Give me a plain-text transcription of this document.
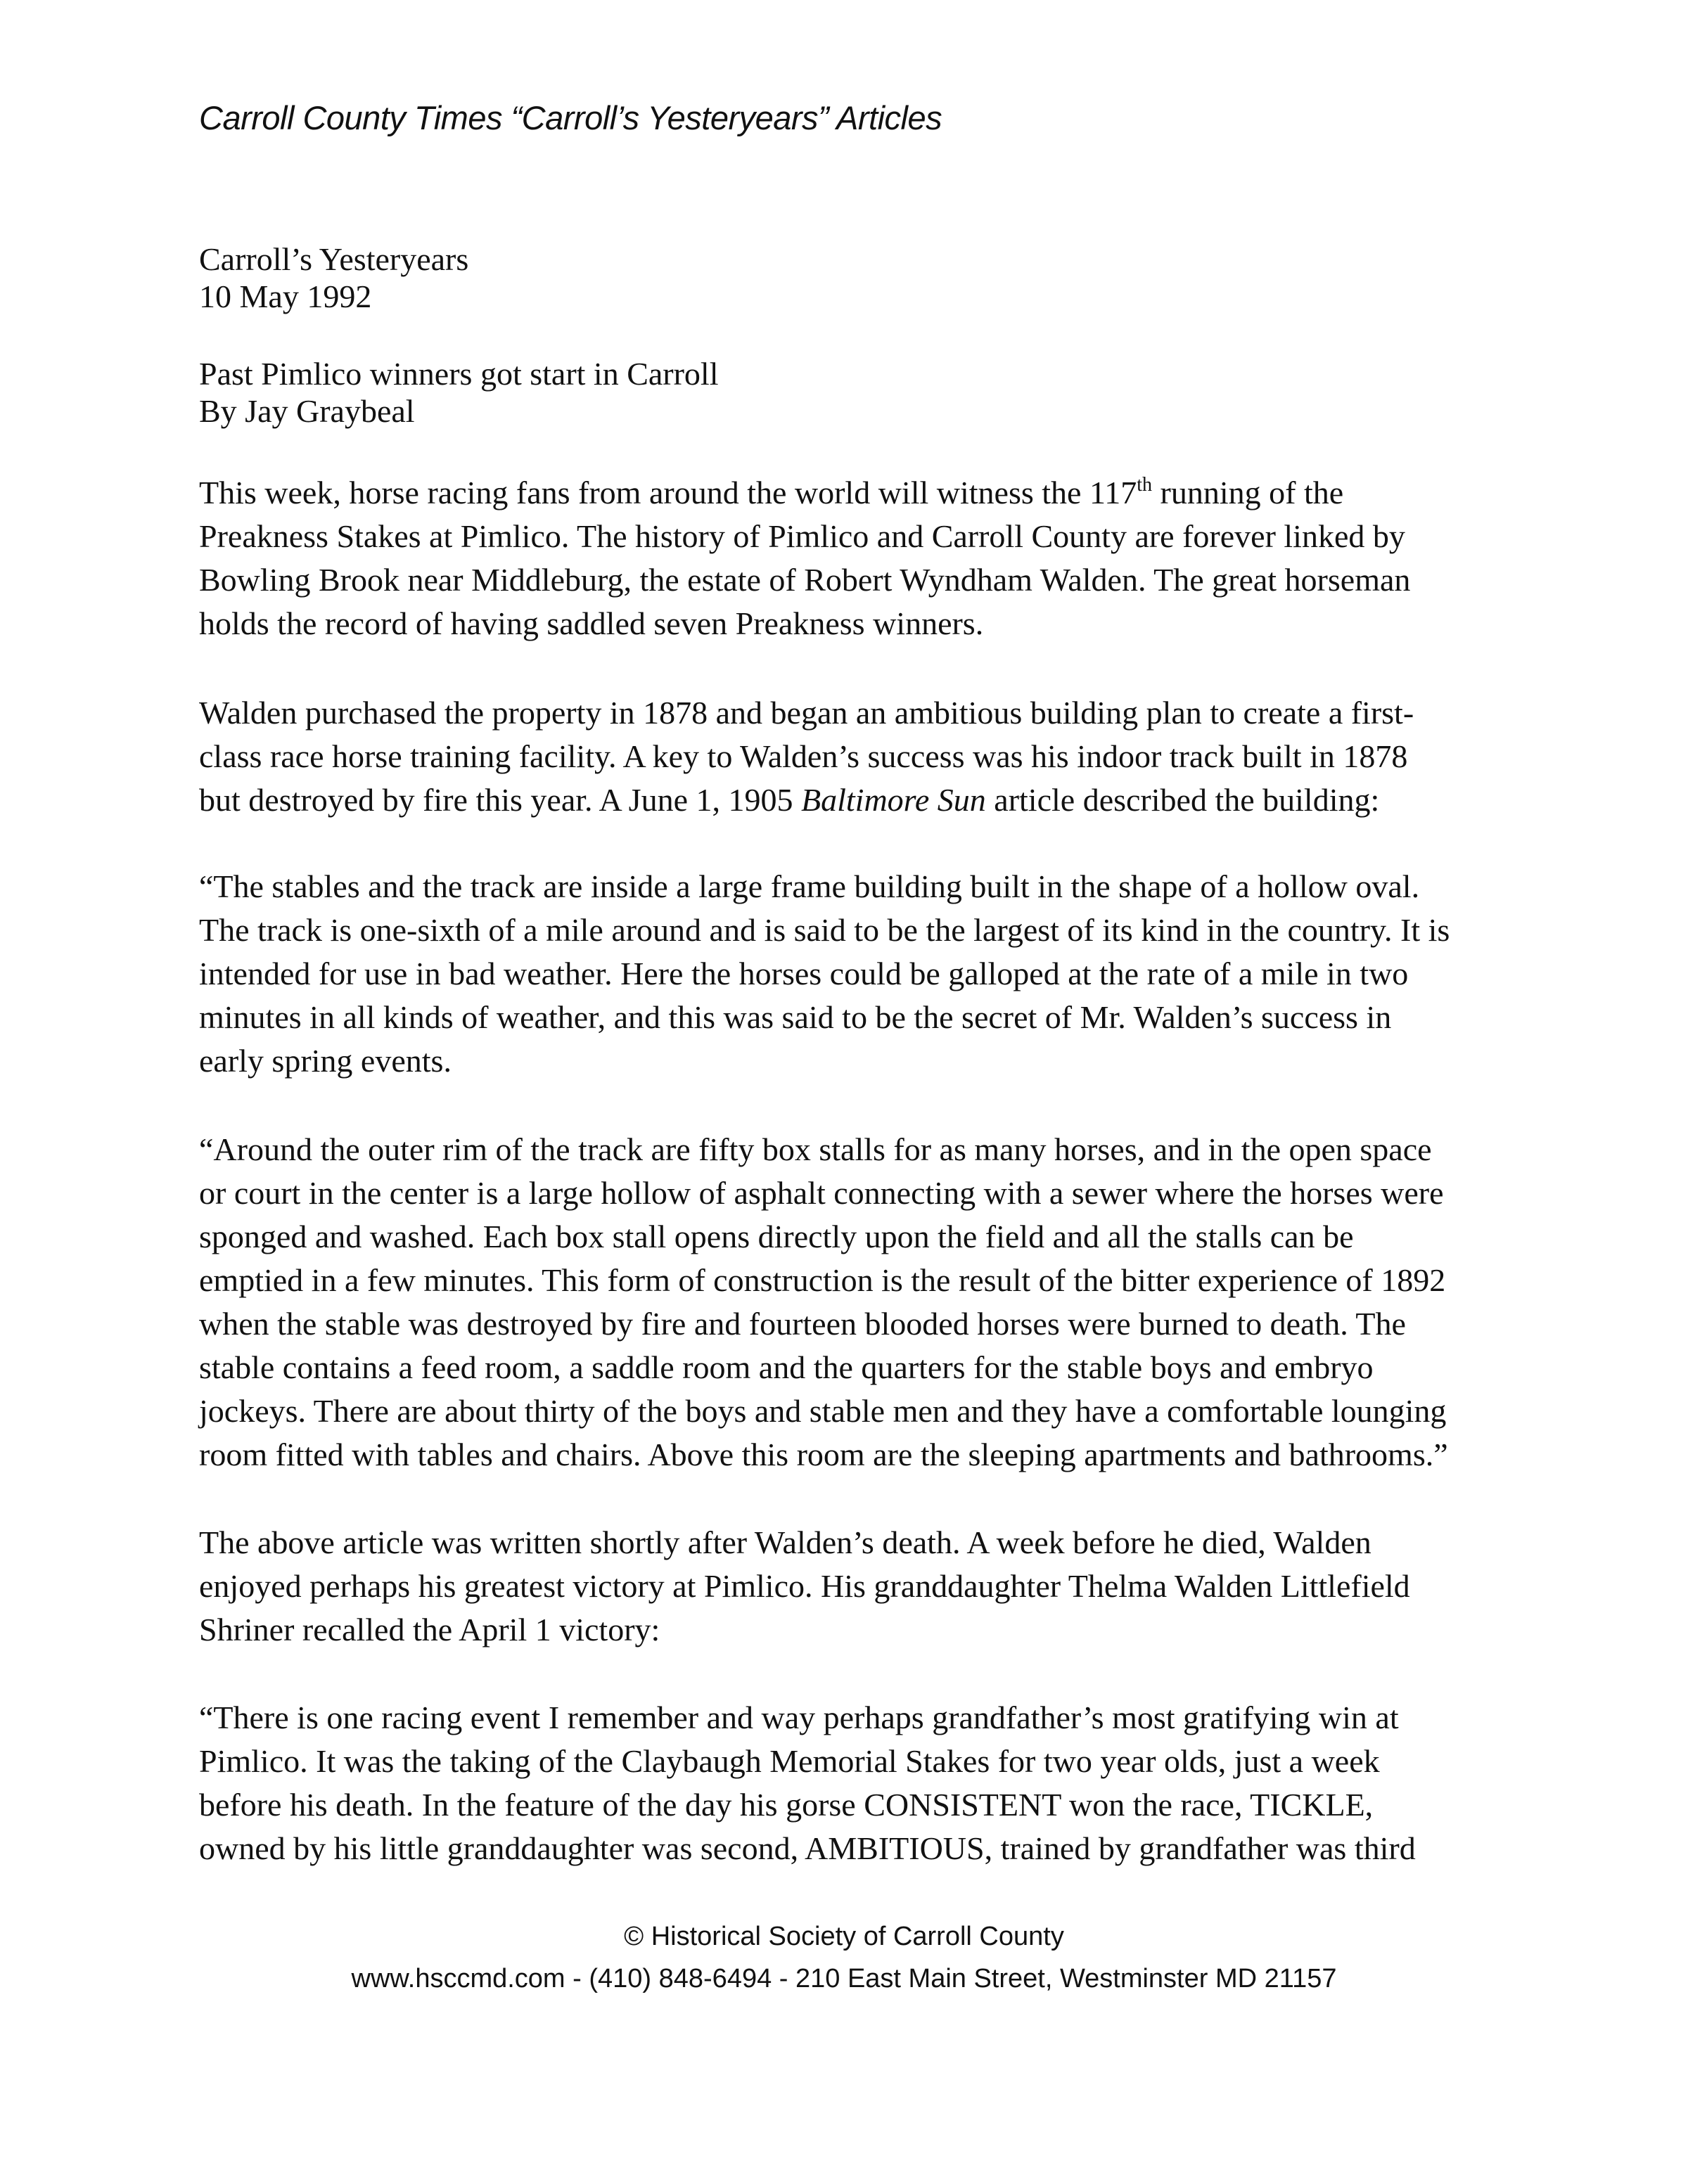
Carroll County Times “Carroll’s Yesteryears” Articles
Carroll’s Yesteryears
10 May 1992
Past Pimlico winners got start in Carroll
By Jay Graybeal
This week, horse racing fans from around the world will witness the 117th running of the
Preakness Stakes at Pimlico. The history of Pimlico and Carroll County are forever linked by
Bowling Brook near Middleburg, the estate of Robert Wyndham Walden. The great horseman
holds the record of having saddled seven Preakness winners.
Walden purchased the property in 1878 and began an ambitious building plan to create a first-
class race horse training facility. A key to Walden’s success was his indoor track built in 1878
but destroyed by fire this year. A June 1, 1905 Baltimore Sun article described the building:
“The stables and the track are inside a large frame building built in the shape of a hollow oval.
The track is one-sixth of a mile around and is said to be the largest of its kind in the country. It is
intended for use in bad weather. Here the horses could be galloped at the rate of a mile in two
minutes in all kinds of weather, and this was said to be the secret of Mr. Walden’s success in
early spring events.
“Around the outer rim of the track are fifty box stalls for as many horses, and in the open space
or court in the center is a large hollow of asphalt connecting with a sewer where the horses were
sponged and washed. Each box stall opens directly upon the field and all the stalls can be
emptied in a few minutes. This form of construction is the result of the bitter experience of 1892
when the stable was destroyed by fire and fourteen blooded horses were burned to death. The
stable contains a feed room, a saddle room and the quarters for the stable boys and embryo
jockeys. There are about thirty of the boys and stable men and they have a comfortable lounging
room fitted with tables and chairs. Above this room are the sleeping apartments and bathrooms.”
The above article was written shortly after Walden’s death. A week before he died, Walden
enjoyed perhaps his greatest victory at Pimlico. His granddaughter Thelma Walden Littlefield
Shriner recalled the April 1 victory:
“There is one racing event I remember and way perhaps grandfather’s most gratifying win at
Pimlico. It was the taking of the Claybaugh Memorial Stakes for two year olds, just a week
before his death. In the feature of the day his gorse CONSISTENT won the race, TICKLE,
owned by his little granddaughter was second, AMBITIOUS, trained by grandfather was third
© Historical Society of Carroll County
www.hsccmd.com - (410) 848-6494 - 210 East Main Street, Westminster MD 21157
